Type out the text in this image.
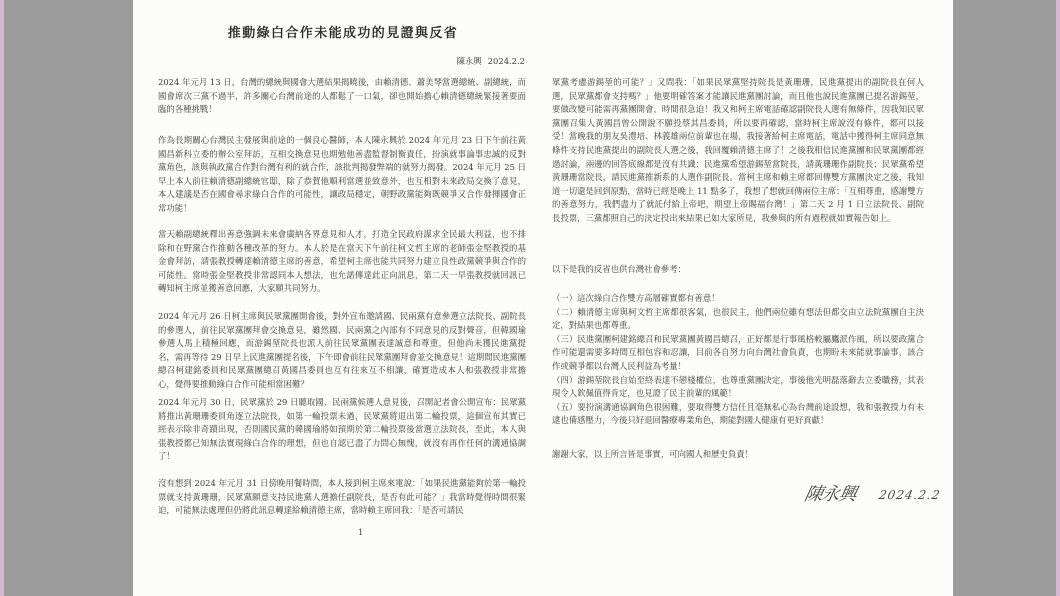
推動綠白合作未能成功的見證與反省
陳永興 2024.2.2

2024 年元月 13 日，台灣的總統與國會大選結果揭曉後，由賴清德、蕭美琴當選總統、副總統，而國會席次三黨不過半，許多關心台灣前途的人都鬆了一口氣，卻也開始擔心賴清德總統緊接著要面臨的各種挑戰！

作為長期關心台灣民主發展與前途的一個良心醫師，本人陳永興於 2024 年元月 23 日下午前往黃國昌新科立委的辦公室拜訪，互相交換意見也期勉他善盡監督制衡責任，扮演就事論事忠誠的反對黨角色，該與執政黨合作對台灣有利的就合作，該批判揭發弊端的就努力揭發。2024 年元月 25 日早上本人前往賴清德副總統官邸，除了恭賀他順利當選並致意外，也互相對未來政局交換了意見，本人建議是否在國會尋求綠白合作的可能性，讓政局穩定，朝野政黨能夠既競爭又合作發揮國會正常功能！

當天賴副總統釋出善意強調未來會廣納各界意見和人才，打造全民政府謀求全民最大利益，也不排除和在野黨合作推動各種改革的努力。本人於是在當天下午前往柯文哲主席的老師張金堅教授的基金會拜訪，請張教授轉達賴清德主席的善意，希望柯主席也能共同努力建立良性政黨競爭與合作的可能性。當時張金堅教授非常認同本人想法，也允諾傳達此正向訊息，第二天一早張教授就回訊已轉知柯主席並獲善意回應，大家願共同努力。

2024 年元月 26 日柯主席與民眾黨團開會後，對外宣布邀請國、民兩黨有意參選立法院長、副院長的參選人，前往民眾黨團拜會交換意見，雖然國、民兩黨之內部有不同意見的反對聲音，但韓國瑜參選人馬上積極回應，而游錫堃院長也派人前往民眾黨團表達誠意和尊重，但他尚未獲民進黨提名，需再等待 29 日早上民進黨團提名後，下午即會前往民眾黨團拜會並交換意見！這期間民進黨團總召柯建銘委員和民眾黨團總召黃國昌委員也互有往來互不相讓，確實造成本人和張教授非常擔心，覺得要推動綠白合作可能相當困難？

2024 年元月 30 日，民眾黨於 29 日聽取國、民兩黨候選人意見後，召開記者會公開宣布：民眾黨將推出黃珊珊委員角逐立法院長，如第一輪投票未過，民眾黨將退出第二輪投票，這個宣布其實已經表示除非奇蹟出現，否則國民黨的韓國瑜將如預期於第二輪投票後當選立法院長，至此，本人與張教授都已知無法實現綠白合作的理想，但也自認已盡了力問心無愧，就沒有再作任何的溝通協調了！

沒有想到 2024 年元月 31 日傍晚用餐時間，本人接到柯主席來電說：「如果民進黨能夠於第一輪投票就支持黃珊珊，民眾黨願意支持民進黨人選擔任副院長，是否有此可能？」我當時覺得時間很緊迫，可能無法處理但仍將此訊息轉達給賴清德主席，當時賴主席回我：「是否可請民

1

眾黨考慮游錫堃的可能？」又問我：「如果民眾黨堅持院長是黃珊珊，民進黨提出的副院長在何人選，民眾黨都會支持嗎？」他要明確答案才能讓民進黨團討論，而且他也說民進黨團已提名游錫堃，要做改變可能需再黨團開會，時間很急迫！我又和柯主席電話確認副院長人選有無條件，因我知民眾黨團召集人黃國昌曾公開說不願投蔡其昌委員，所以要再確認，當時柯主席說沒有條件，都可以接受！當晚我的朋友吳澧培、林義雄兩位前輩也在場，我接著給柯主席電話，電話中獲得柯主席同意無條件支持民進黨提出的副院長人選之後，我回覆賴清德主席了！之後我相信民進黨團和民眾黨團都經過討論，兩邊的回答底線都是沒有共識：民進黨希望游錫堃當院長，請黃珊珊作副院長；民眾黨希望黃珊珊當院長，請民進黨推新系的人選作副院長。當柯主席和賴主席都回傳雙方黨團決定之後，我知道一切還是回到原點，當時已經是晚上 11 點多了，我想了想就回傳兩位主席：「互相尊重，感謝雙方的善意努力，我們盡力了就託付給上帝吧，期望上帝賜福台灣！」第二天 2 月 1 日立法院長、副院長投票，三黨都照自己的決定投出來結果已如大家所見，我參與的所有過程就如實報告如上。

以下是我的反省也供台灣社會參考：

（一）這次綠白合作雙方高層確實都有善意！
（二）賴清德主席與柯文哲主席都很客氣，也很民主，他們兩位雖有想法但都交由立法院黨團自主決定，對結果也都尊重。
（三）民進黨團柯建銘總召和民眾黨團黃國昌總召，正好都是行事風格較屬鷹派作風，所以要政黨合作可能還需要多時間互相包容和忍讓，目前各自努力向台灣社會負責，也期盼未來能就事論事，該合作或競爭都以台灣人民利益為考量！
（四）游錫堃院長自始至終表達不戀棧權位，也尊重黨團決定，事後他光明磊落辭去立委職務，其表現令人欽佩值得肯定，也見證了民主前輩的風範！
（五）要扮演溝通協調角色很困難，要取得雙方信任且毫無私心為台灣前途設想，我和張教授力有未逮也備感壓力，今後只好退回醫療專業角色，期能對國人健康有更好貢獻！

謝謝大家，以上所言皆是事實，可向國人和歷史負責！

陳永興 2024.2.2
